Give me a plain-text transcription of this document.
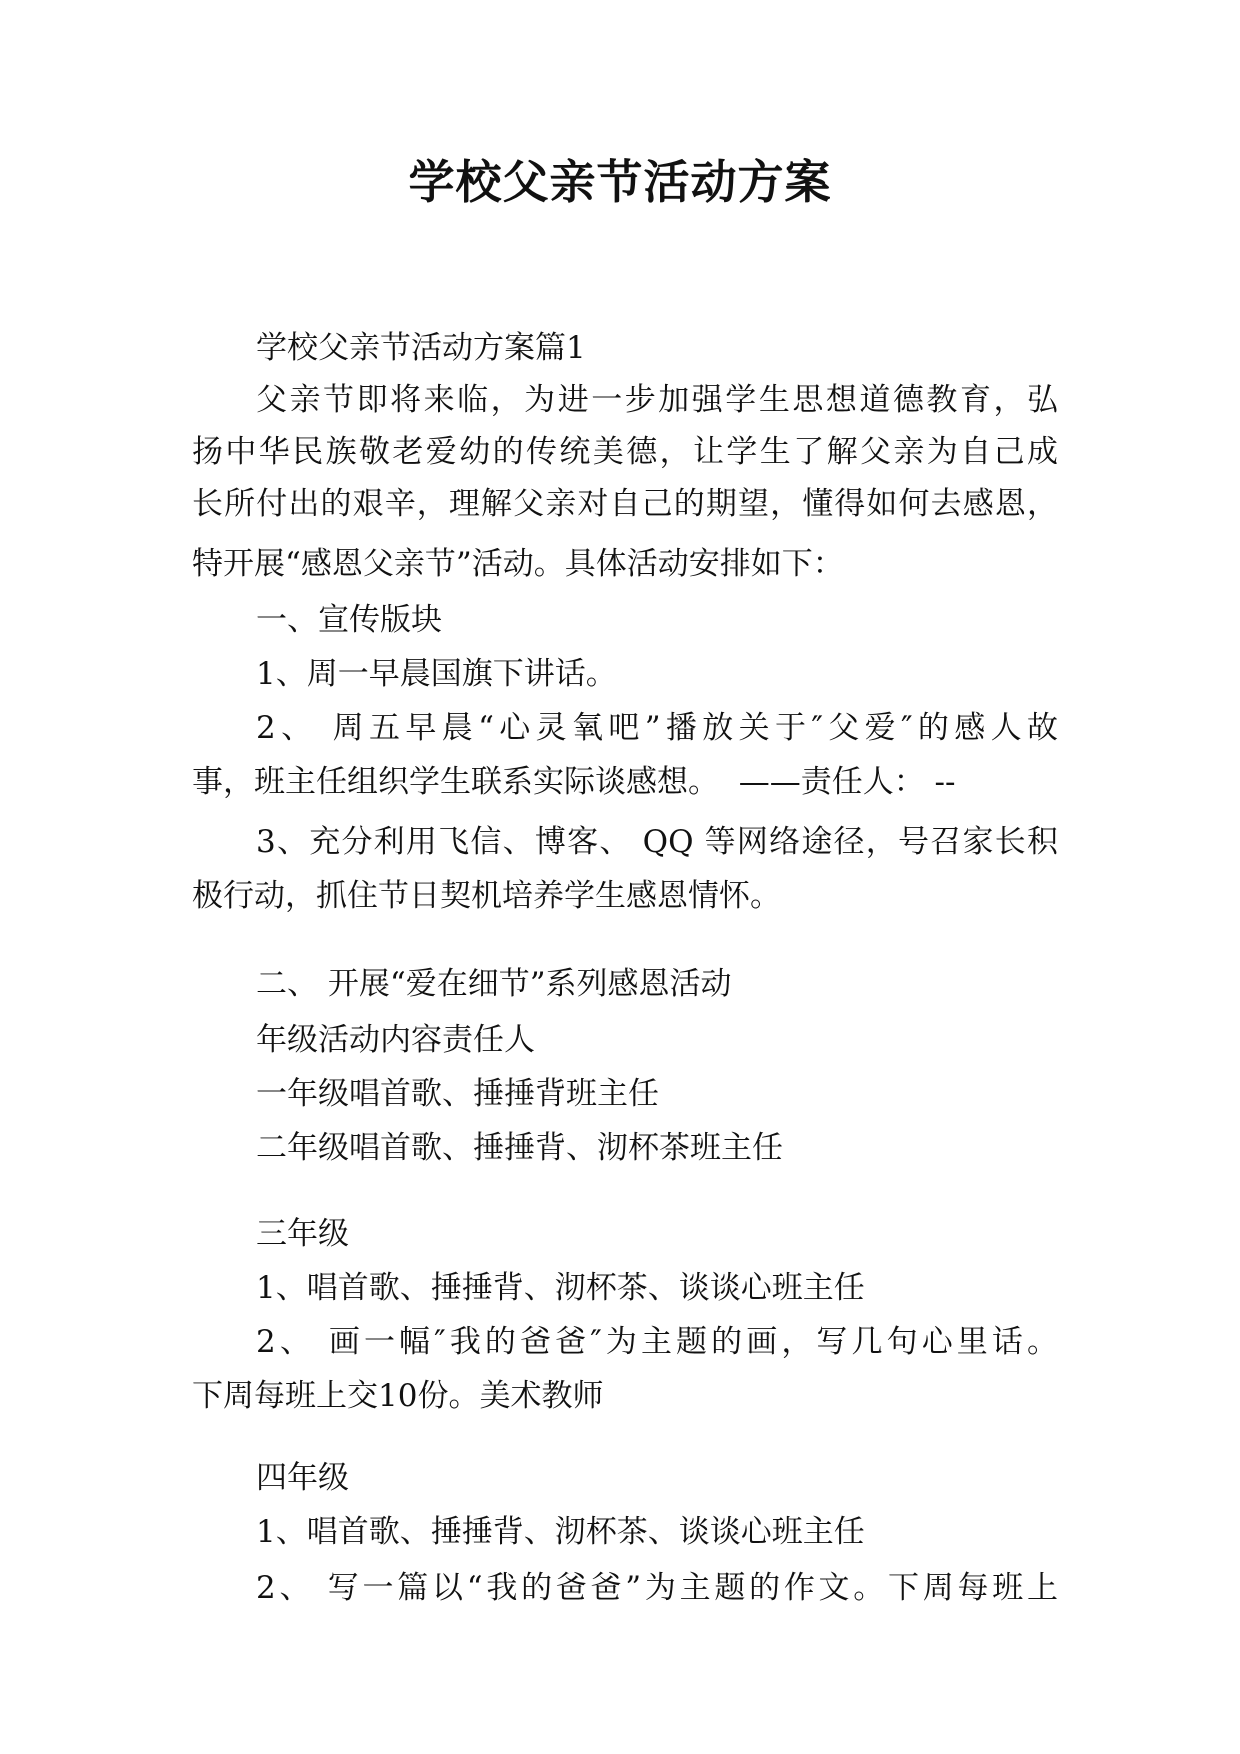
学校父亲节活动方案
学校父亲节活动方案篇1
父亲节即将来临，为进一步加强学生思想道德教育，弘
扬中华民族敬老爱幼的传统美德，让学生了解父亲为自己成
长所付出的艰辛，理解父亲对自己的期望，懂得如何去感恩，
特开展“感恩父亲节”活动。具体活动安排如下：
一、宣传版块
1、周一早晨国旗下讲话。
2、 周五早晨“心灵氧吧”播放关于″父爱″的感人故
事，班主任组织学生联系实际谈感想。  ——责任人： --
3、充分利用飞信、博客、 QQ 等网络途径，号召家长积
极行动，抓住节日契机培养学生感恩情怀。
二、 开展“爱在细节”系列感恩活动
年级活动内容责任人
一年级唱首歌、捶捶背班主任
二年级唱首歌、捶捶背、沏杯茶班主任
三年级
1、唱首歌、捶捶背、沏杯茶、谈谈心班主任
2、 画一幅″我的爸爸″为主题的画，写几句心里话。
下周每班上交10份。美术教师
四年级
1、唱首歌、捶捶背、沏杯茶、谈谈心班主任
2、 写一篇以“我的爸爸”为主题的作文。下周每班上
